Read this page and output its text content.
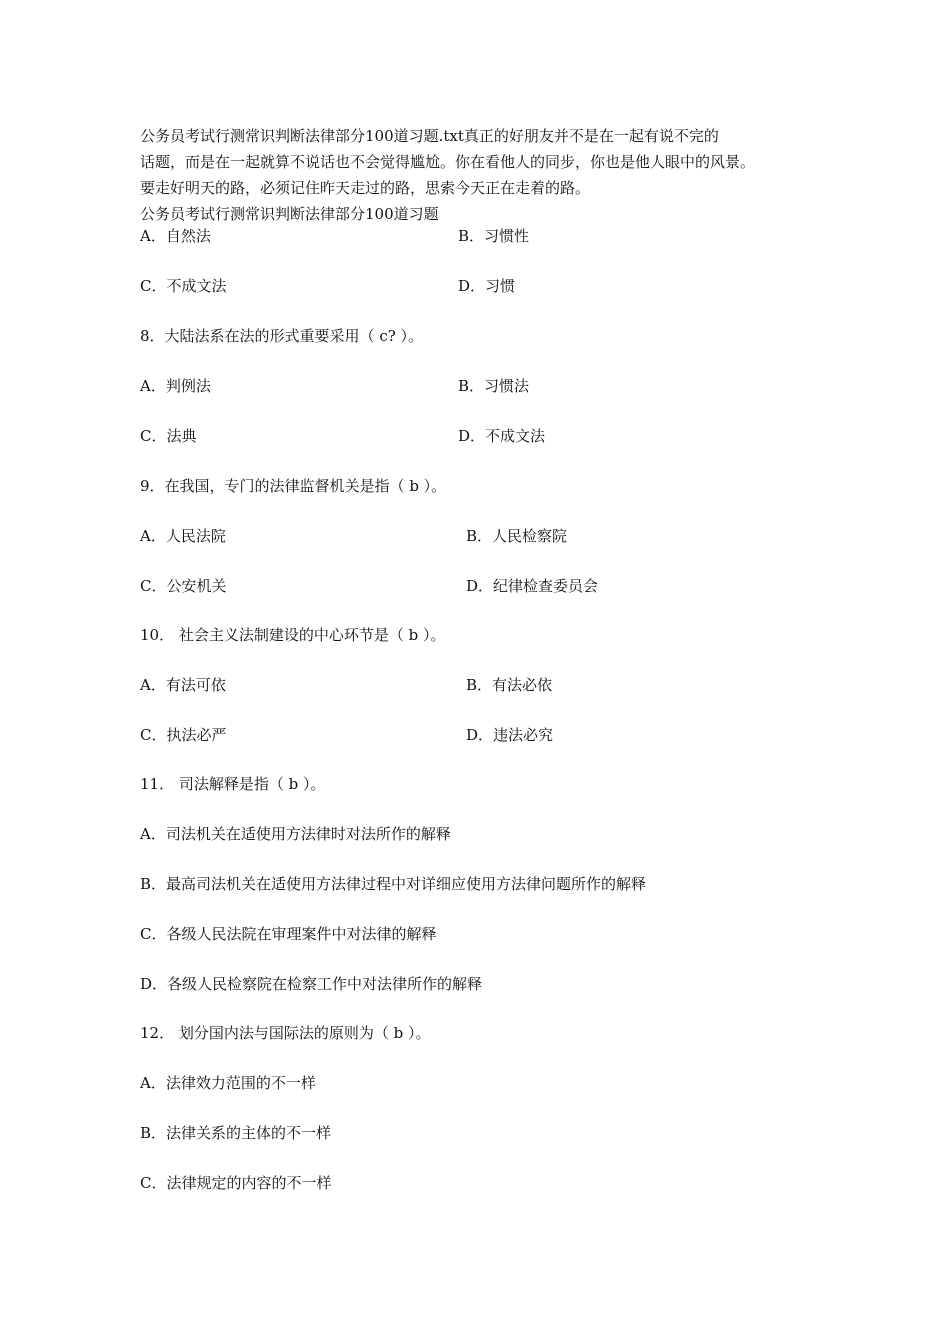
公务员考试行测常识判断法律部分100道习题.txt真正的好朋友并不是在一起有说不完的
话题，而是在一起就算不说话也不会觉得尴尬。你在看他人的同步，你也是他人眼中的风景。
要走好明天的路，必须记住昨天走过的路，思索今天正在走着的路。
公务员考试行测常识判断法律部分100道习题
A．自然法	B．习惯性
C．不成文法	D．习惯
8．大陆法系在法的形式重要采用（ c? ）。
A．判例法	B．习惯法
C．法典	D．不成文法
9．在我国，专门的法律监督机关是指（ b ）。
A．人民法院	B．人民检察院
C．公安机关	D．纪律检查委员会
10． 社会主义法制建设的中心环节是（ b ）。
A．有法可依	B．有法必依
C．执法必严	D．违法必究
11． 司法解释是指（ b ）。
A．司法机关在适使用方法律时对法所作的解释
B．最高司法机关在适使用方法律过程中对详细应使用方法律问题所作的解释
C．各级人民法院在审理案件中对法律的解释
D．各级人民检察院在检察工作中对法律所作的解释
12． 划分国内法与国际法的原则为（ b ）。
A．法律效力范围的不一样
B．法律关系的主体的不一样
C．法律规定的内容的不一样
